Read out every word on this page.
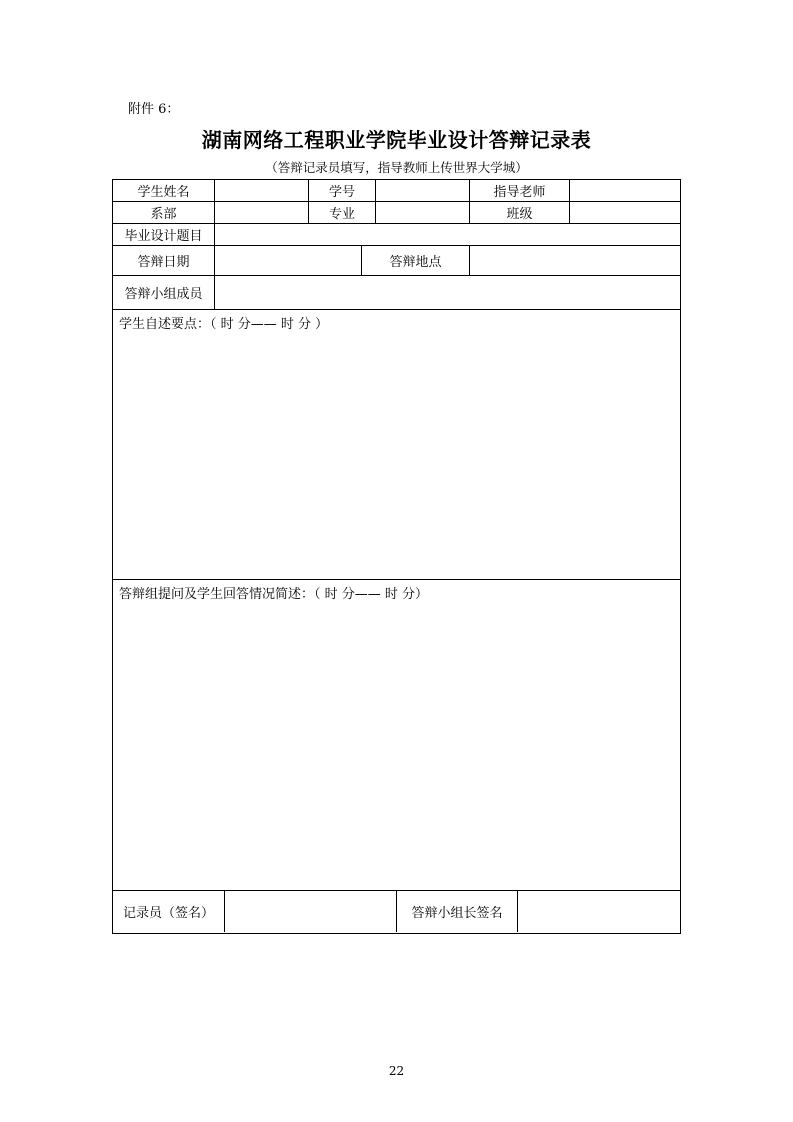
附件 6：
湖南网络工程职业学院毕业设计答辩记录表
（答辩记录员填写，指导教师上传世界大学城）
学生姓名	学号	指导老师
系部	专业	班级
毕业设计题目
答辩日期	答辩地点
答辩小组成员
学生自述要点：（ 时 分—— 时 分 ）
答辩组提问及学生回答情况简述：（ 时 分—— 时 分）
记录员（签名）	答辩小组长签名
22
